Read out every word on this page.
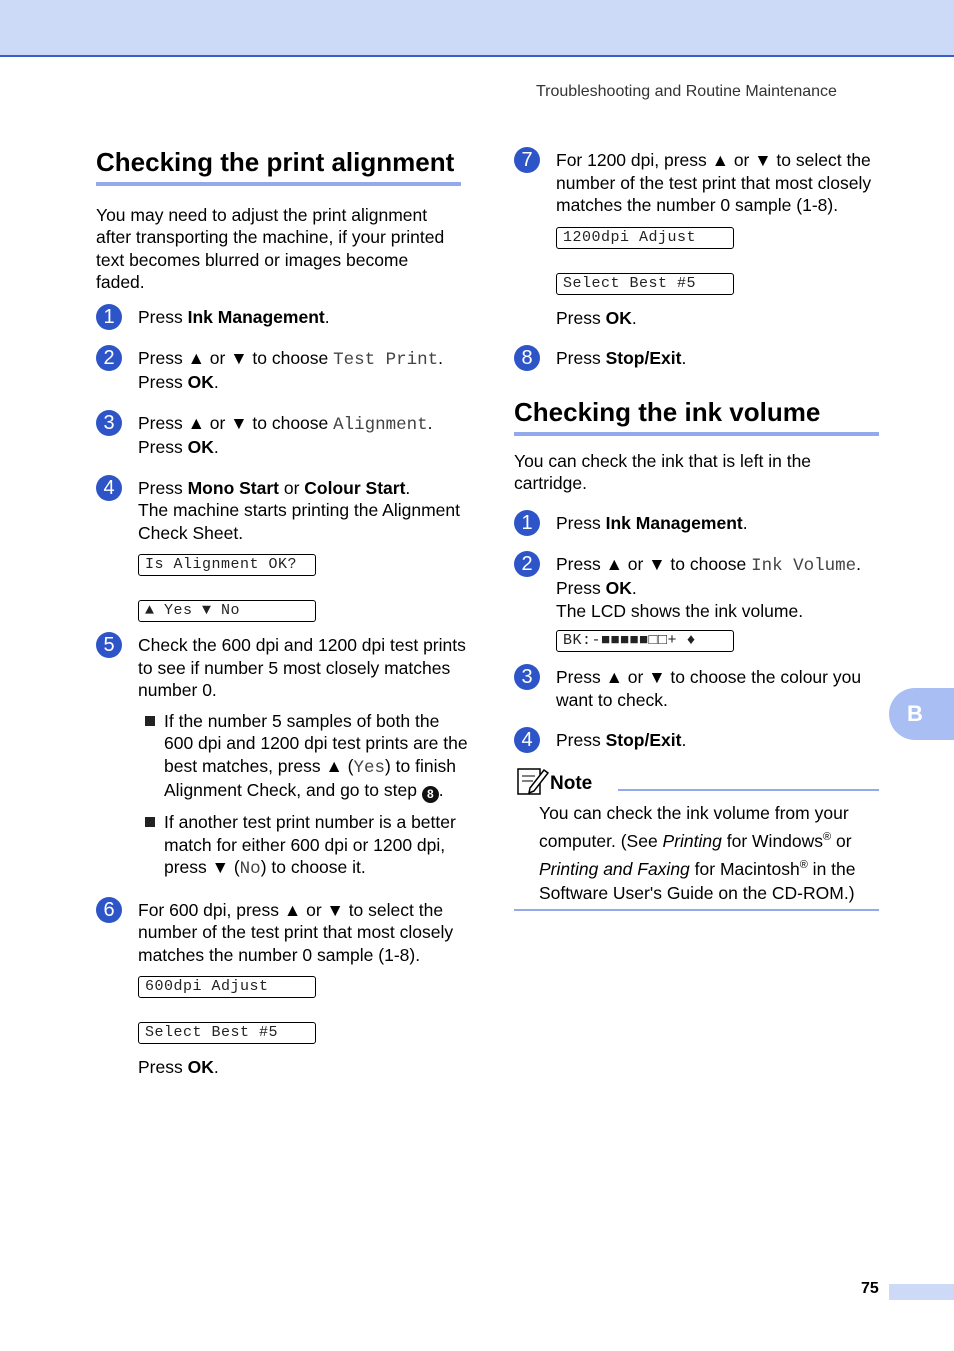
Troubleshooting and Routine Maintenance
Checking the print alignment
You may need to adjust the print alignment after transporting the machine, if your printed text becomes blurred or images become faded.
1	Press Ink Management.
2	Press ▲ or ▼ to choose Test Print.
Press OK.
3	Press ▲ or ▼ to choose Alignment.
Press OK.
4	Press Mono Start or Colour Start.
The machine starts printing the Alignment Check Sheet.
Is Alignment OK?
▲ Yes ▼ No
5	Check the 600 dpi and 1200 dpi test prints to see if number 5 most closely matches number 0.
If the number 5 samples of both the 600 dpi and 1200 dpi test prints are the best matches, press ▲ (Yes) to finish Alignment Check, and go to step 8 .
If another test print number is a better match for either 600 dpi or 1200 dpi, press ▼ (No) to choose it.
6	For 600 dpi, press ▲ or ▼ to select the number of the test print that most closely matches the number 0 sample (1-8).
600dpi Adjust
Select Best #5
Press OK.
7	For 1200 dpi, press ▲ or ▼ to select the number of the test print that most closely matches the number 0 sample (1-8).
1200dpi Adjust
Select Best #5
Press OK.
8	Press Stop/Exit.
Checking the ink volume
You can check the ink that is left in the cartridge.
1	Press Ink Management.
2	Press ▲ or ▼ to choose Ink Volume.
Press OK.
The LCD shows the ink volume.
BK:-■■■■■□□+ ♦
3	Press ▲ or ▼ to choose the colour you want to check.
4	Press Stop/Exit.
Note
You can check the ink volume from your computer. (See Printing for Windows® or Printing and Faxing for Macintosh® in the Software User's Guide on the CD-ROM.)
B
75
